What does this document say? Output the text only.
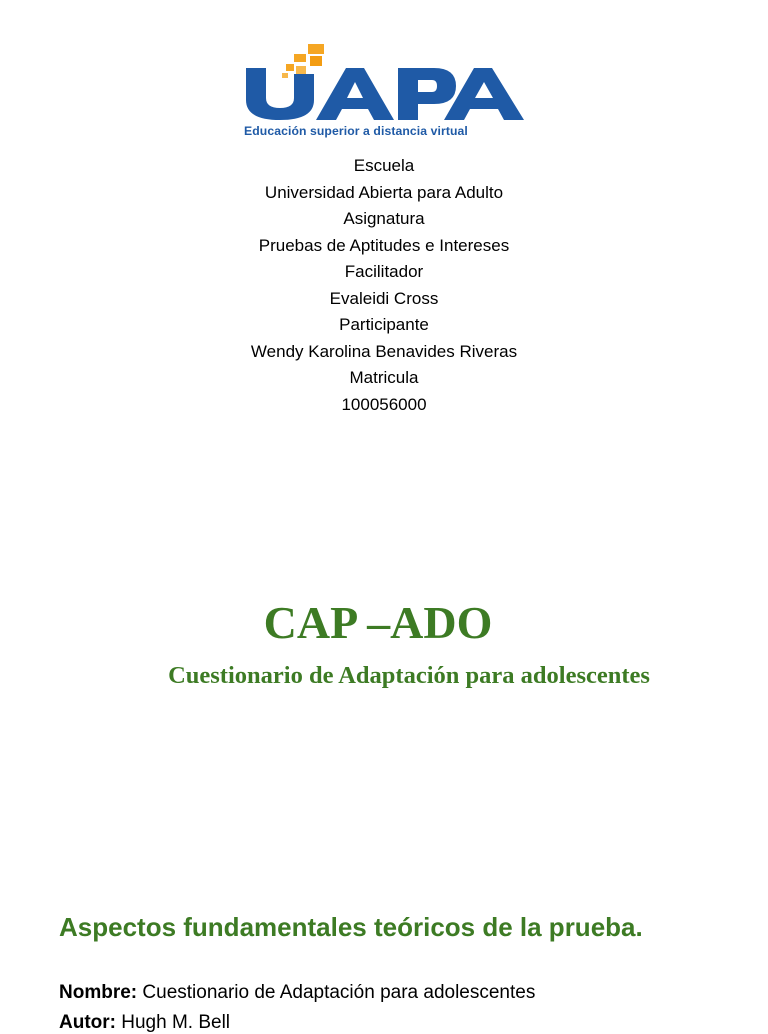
Educación superior a distancia virtual
Escuela
Universidad Abierta para Adulto
Asignatura
Pruebas de Aptitudes e Intereses
Facilitador
Evaleidi Cross
Participante
Wendy Karolina Benavides Riveras
Matricula
100056000
CAP –ADO
Cuestionario de Adaptación para adolescentes
Aspectos fundamentales teóricos de la prueba.
Nombre: Cuestionario de Adaptación para adolescentes
Autor: Hugh M. Bell
